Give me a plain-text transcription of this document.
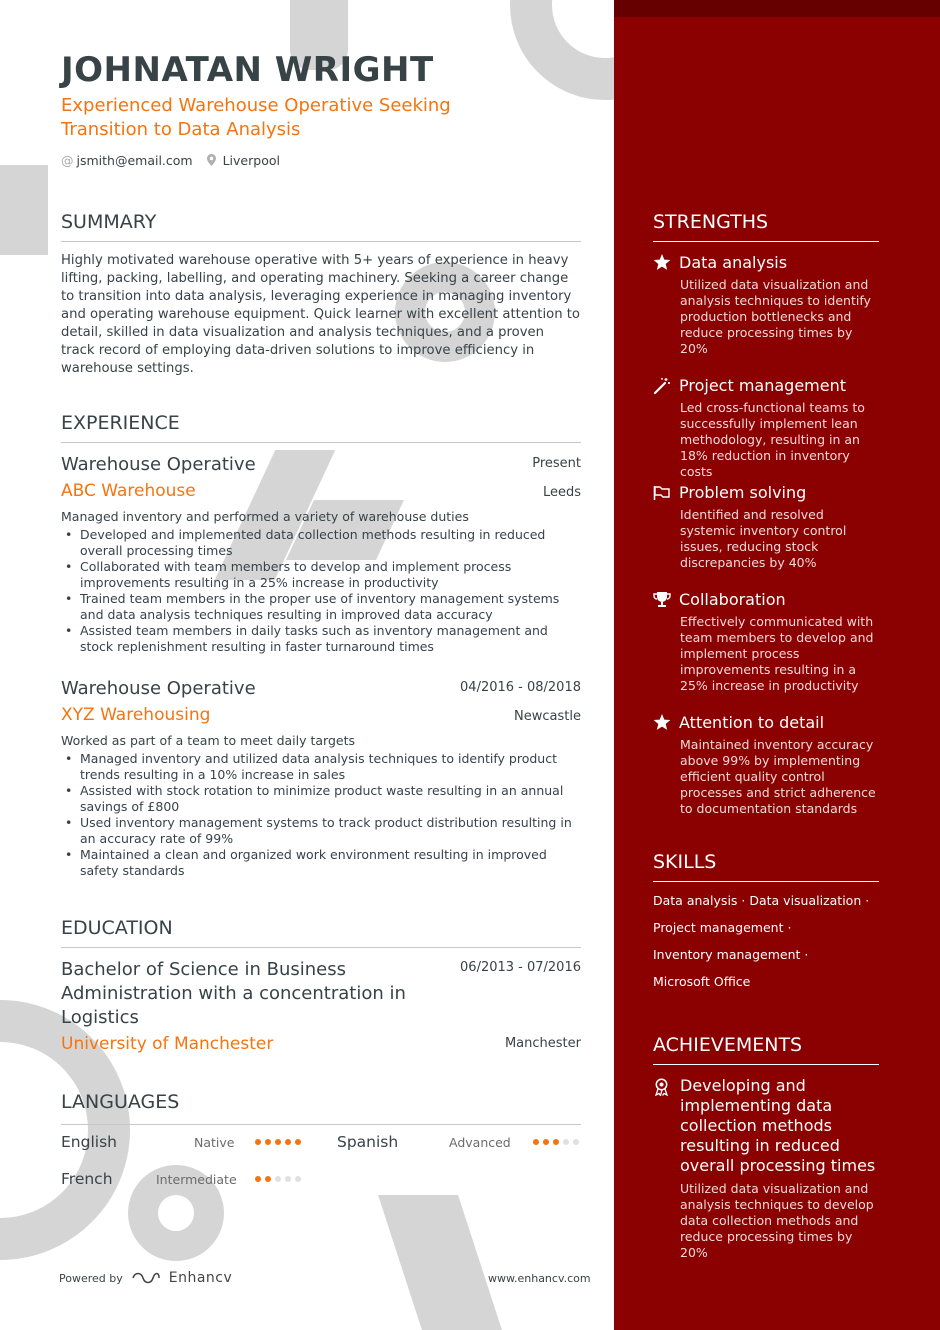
JOHNATAN WRIGHT
Experienced Warehouse Operative Seeking Transition to Data Analysis
@ jsmith@email.com	Liverpool
SUMMARY
Highly motivated warehouse operative with 5+ years of experience in heavy lifting, packing, labelling, and operating machinery. Seeking a career change to transition into data analysis, leveraging experience in managing inventory and operating warehouse equipment. Quick learner with excellent attention to detail, skilled in data visualization and analysis techniques, and a proven track record of employing data-driven solutions to improve efficiency in warehouse settings.
EXPERIENCE
Warehouse Operative	Present
ABC Warehouse	Leeds
Managed inventory and performed a variety of warehouse duties
• Developed and implemented data collection methods resulting in reduced overall processing times
• Collaborated with team members to develop and implement process improvements resulting in a 25% increase in productivity
• Trained team members in the proper use of inventory management systems and data analysis techniques resulting in improved data accuracy
• Assisted team members in daily tasks such as inventory management and stock replenishment resulting in faster turnaround times
Warehouse Operative	04/2016 - 08/2018
XYZ Warehousing	Newcastle
Worked as part of a team to meet daily targets
• Managed inventory and utilized data analysis techniques to identify product trends resulting in a 10% increase in sales
• Assisted with stock rotation to minimize product waste resulting in an annual savings of £800
• Used inventory management systems to track product distribution resulting in an accuracy rate of 99%
• Maintained a clean and organized work environment resulting in improved safety standards
EDUCATION
Bachelor of Science in Business Administration with a concentration in Logistics
06/2013 - 07/2016
University of Manchester	Manchester
LANGUAGES
English	Native	Spanish	Advanced
French	Intermediate
Powered by	Enhancv	www.enhancv.com
STRENGTHS
Data analysis
Utilized data visualization and analysis techniques to identify production bottlenecks and reduce processing times by 20%
Project management
Led cross-functional teams to successfully implement lean methodology, resulting in an 18% reduction in inventory costs
Problem solving
Identified and resolved systemic inventory control issues, reducing stock discrepancies by 40%
Collaboration
Effectively communicated with team members to develop and implement process improvements resulting in a 25% increase in productivity
Attention to detail
Maintained inventory accuracy above 99% by implementing efficient quality control processes and strict adherence to documentation standards
SKILLS
Data analysis · Data visualization ·
Project management ·
Inventory management ·
Microsoft Office
ACHIEVEMENTS
Developing and implementing data collection methods resulting in reduced overall processing times
Utilized data visualization and analysis techniques to develop data collection methods and reduce processing times by 20%
